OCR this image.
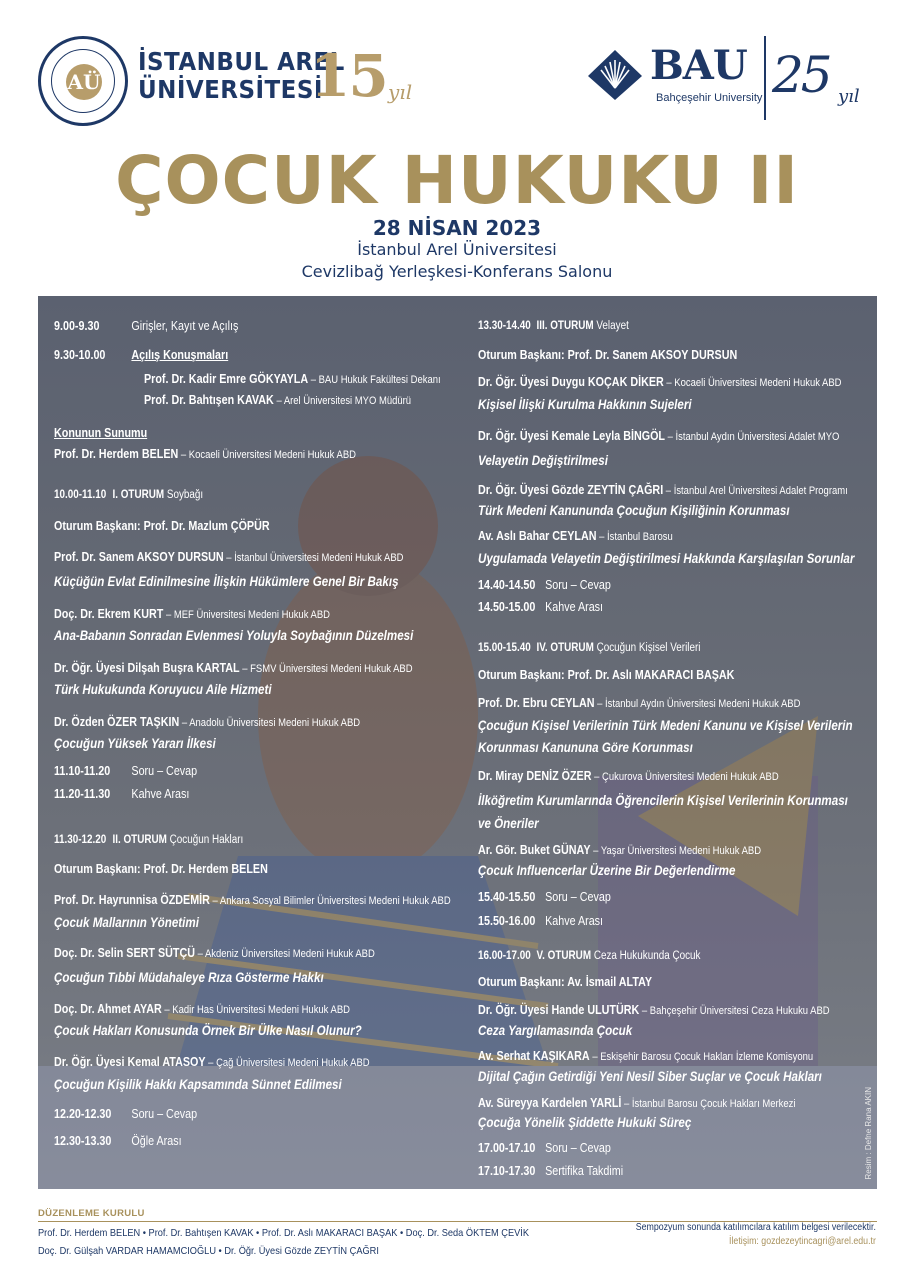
AÜ
İSTANBUL AREL
ÜNİVERSİTESİ
15 yıl
BAU
Bahçeşehir University 25 yıl
ÇOCUK HUKUKU II
28 NİSAN 2023
İstanbul Arel Üniversitesi
Cevizlibağ Yerleşkesi-Konferans Salonu
9.00-9.30	Girişler, Kayıt ve Açılış
9.30-10.00 Açılış Konuşmaları
Prof. Dr. Kadir Emre GÖKYAYLA – BAU Hukuk Fakültesi Dekanı
Prof. Dr. Bahtışen KAVAK – Arel Üniversitesi MYO Müdürü
Konunun Sunumu
Prof. Dr. Herdem BELEN – Kocaeli Üniversitesi Medeni Hukuk ABD
10.00-11.10 I. OTURUM Soybağı
Oturum Başkanı: Prof. Dr. Mazlum ÇÖPÜR
Prof. Dr. Sanem AKSOY DURSUN – İstanbul Üniversitesi Medeni Hukuk ABD
Küçüğün Evlat Edinilmesine İlişkin Hükümlere Genel Bir Bakış
Doç. Dr. Ekrem KURT – MEF Üniversitesi Medeni Hukuk ABD
Ana-Babanın Sonradan Evlenmesi Yoluyla Soybağının Düzelmesi
Dr. Öğr. Üyesi Dilşah Buşra KARTAL – FSMV Üniversitesi Medeni Hukuk ABD
Türk Hukukunda Koruyucu Aile Hizmeti
Dr. Özden ÖZER TAŞKIN – Anadolu Üniversitesi Medeni Hukuk ABD
Çocuğun Yüksek Yararı İlkesi
11.10-11.20 Soru – Cevap
11.20-11.30 Kahve Arası
11.30-12.20 II. OTURUM Çocuğun Hakları
Oturum Başkanı: Prof. Dr. Herdem BELEN
Prof. Dr. Hayrunnisa ÖZDEMİR – Ankara Sosyal Bilimler Üniversitesi Medeni Hukuk ABD
Çocuk Mallarının Yönetimi
Doç. Dr. Selin SERT SÜTÇÜ – Akdeniz Üniversitesi Medeni Hukuk ABD
Çocuğun Tıbbi Müdahaleye Rıza Gösterme Hakkı
Doç. Dr. Ahmet AYAR – Kadir Has Üniversitesi Medeni Hukuk ABD
Çocuk Hakları Konusunda Örnek Bir Ülke Nasıl Olunur?
Dr. Öğr. Üyesi Kemal ATASOY – Çağ Üniversitesi Medeni Hukuk ABD
Çocuğun Kişilik Hakkı Kapsamında Sünnet Edilmesi
12.20-12.30 Soru – Cevap
12.30-13.30 Öğle Arası
13.30-14.40 III. OTURUM Velayet
Oturum Başkanı: Prof. Dr. Sanem AKSOY DURSUN
Dr. Öğr. Üyesi Duygu KOÇAK DİKER – Kocaeli Üniversitesi Medeni Hukuk ABD
Kişisel İlişki Kurulma Hakkının Sujeleri
Dr. Öğr. Üyesi Kemale Leyla BİNGÖL – İstanbul Aydın Üniversitesi Adalet MYO
Velayetin Değiştirilmesi
Dr. Öğr. Üyesi Gözde ZEYTİN ÇAĞRI – İstanbul Arel Üniversitesi Adalet Programı
Türk Medeni Kanununda Çocuğun Kişiliğinin Korunması
Av. Aslı Bahar CEYLAN – İstanbul Barosu
Uygulamada Velayetin Değiştirilmesi Hakkında Karşılaşılan Sorunlar
14.40-14.50 Soru – Cevap
14.50-15.00 Kahve Arası
15.00-15.40 IV. OTURUM Çocuğun Kişisel Verileri
Oturum Başkanı: Prof. Dr. Aslı MAKARACI BAŞAK
Prof. Dr. Ebru CEYLAN – İstanbul Aydın Üniversitesi Medeni Hukuk ABD
Çocuğun Kişisel Verilerinin Türk Medeni Kanunu ve Kişisel Verilerin
Korunması Kanununa Göre Korunması
Dr. Miray DENİZ ÖZER – Çukurova Üniversitesi Medeni Hukuk ABD
İlköğretim Kurumlarında Öğrencilerin Kişisel Verilerinin Korunması
ve Öneriler
Ar. Gör. Buket GÜNAY – Yaşar Üniversitesi Medeni Hukuk ABD
Çocuk Influencerlar Üzerine Bir Değerlendirme
15.40-15.50 Soru – Cevap
15.50-16.00 Kahve Arası
16.00-17.00 V. OTURUM Ceza Hukukunda Çocuk
Oturum Başkanı: Av. İsmail ALTAY
Dr. Öğr. Üyesi Hande ULUTÜRK – Bahçeşehir Üniversitesi Ceza Hukuku ABD
Ceza Yargılamasında Çocuk
Av. Serhat KAŞIKARA – Eskişehir Barosu Çocuk Hakları İzleme Komisyonu
Dijital Çağın Getirdiği Yeni Nesil Siber Suçlar ve Çocuk Hakları
Av. Süreyya Kardelen YARLİ – İstanbul Barosu Çocuk Hakları Merkezi
Çocuğa Yönelik Şiddette Hukuki Süreç
17.00-17.10 Soru – Cevap
17.10-17.30 Sertifika Takdimi	Resim : Defne Rana AKIN
DÜZENLEME KURULU
Prof. Dr. Herdem BELEN • Prof. Dr. Bahtışen KAVAK • Prof. Dr. Aslı MAKARACI BAŞAK • Doç. Dr. Seda ÖKTEM ÇEVİK
Doç. Dr. Gülşah VARDAR HAMAMCIOĞLU • Dr. Öğr. Üyesi Gözde ZEYTİN ÇAĞRI
Sempozyum sonunda katılımcılara katılım belgesi verilecektir.
İletişim: gozdezeytincagri@arel.edu.tr
